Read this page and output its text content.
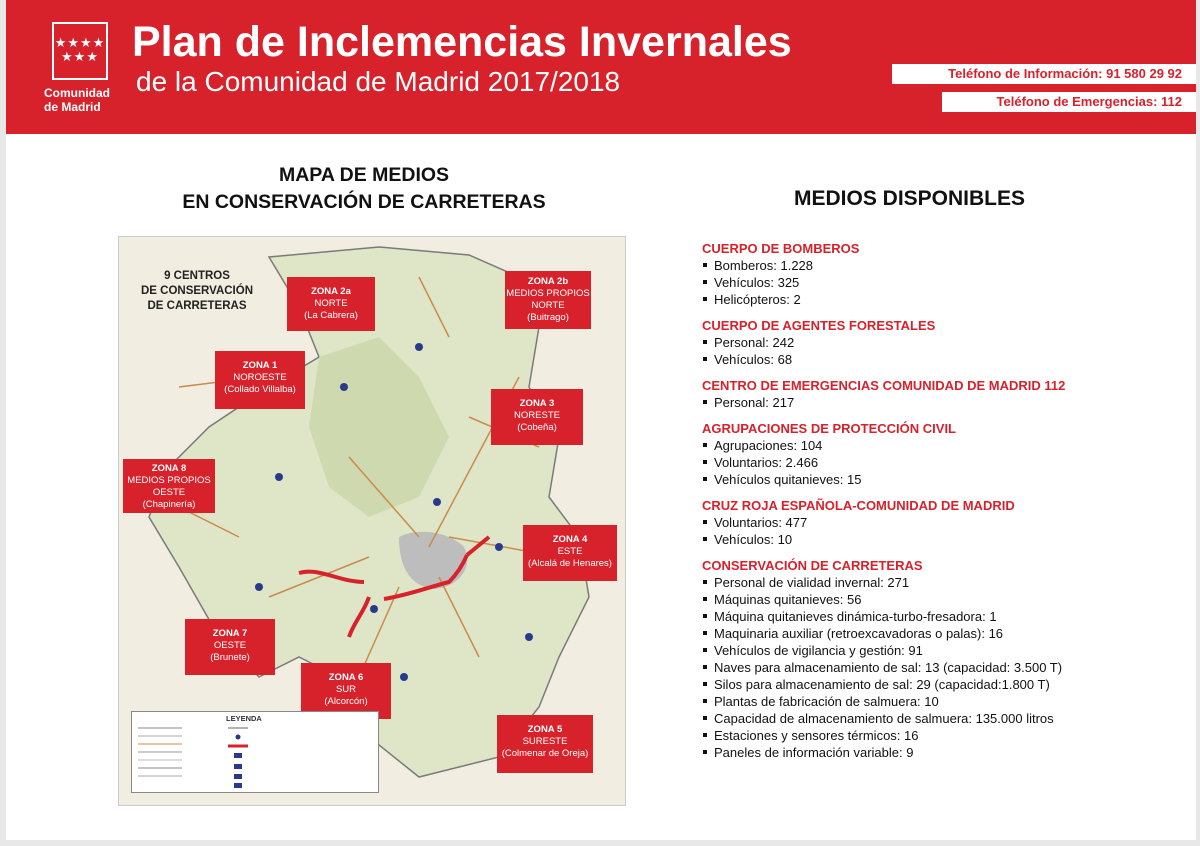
★★★★
★★★
Comunidad
de Madrid
Plan de Inclemencias Invernales
de la Comunidad de Madrid 2017/2018	Teléfono de Información: 91 580 29 92
Teléfono de Emergencias: 112
MAPA DE MEDIOS
EN CONSERVACIÓN DE CARRETERAS
9 CENTROS
DE CONSERVACIÓN
DE CARRETERAS
ZONA 2a
NORTE
(La Cabrera)
ZONA 2b
MEDIOS PROPIOS
NORTE
(Buitrago)
ZONA 1
NOROESTE
(Collado Villalba)
ZONA 3
NORESTE
(Cobeña)
ZONA 8
MEDIOS PROPIOS
OESTE
(Chapinería)
ZONA 4
ESTE
(Alcalá de Henares)
ZONA 7
OESTE
(Brunete)
ZONA 6
SUR
(Alcorcón)
ZONA 5
SURESTE
(Colmenar de Oreja)
LEYENDA
MEDIOS DISPONIBLES
CUERPO DE BOMBEROS
Bomberos: 1.228
Vehículos: 325
Helicópteros: 2
CUERPO DE AGENTES FORESTALES
Personal: 242
Vehículos: 68
CENTRO DE EMERGENCIAS COMUNIDAD DE MADRID 112
Personal: 217
AGRUPACIONES DE PROTECCIÓN CIVIL
Agrupaciones: 104
Voluntarios: 2.466
Vehículos quitanieves: 15
CRUZ ROJA ESPAÑOLA-COMUNIDAD DE MADRID
Voluntarios: 477
Vehículos: 10
CONSERVACIÓN DE CARRETERAS
Personal de vialidad invernal: 271
Máquinas quitanieves: 56
Máquina quitanieves dinámica-turbo-fresadora: 1
Maquinaria auxiliar (retroexcavadoras o palas): 16
Vehículos de vigilancia y gestión: 91
Naves para almacenamiento de sal: 13 (capacidad: 3.500 T)
Silos para almacenamiento de sal: 29 (capacidad:1.800 T)
Plantas de fabricación de salmuera: 10
Capacidad de almacenamiento de salmuera: 135.000 litros
Estaciones y sensores térmicos: 16
Paneles de información variable: 9
